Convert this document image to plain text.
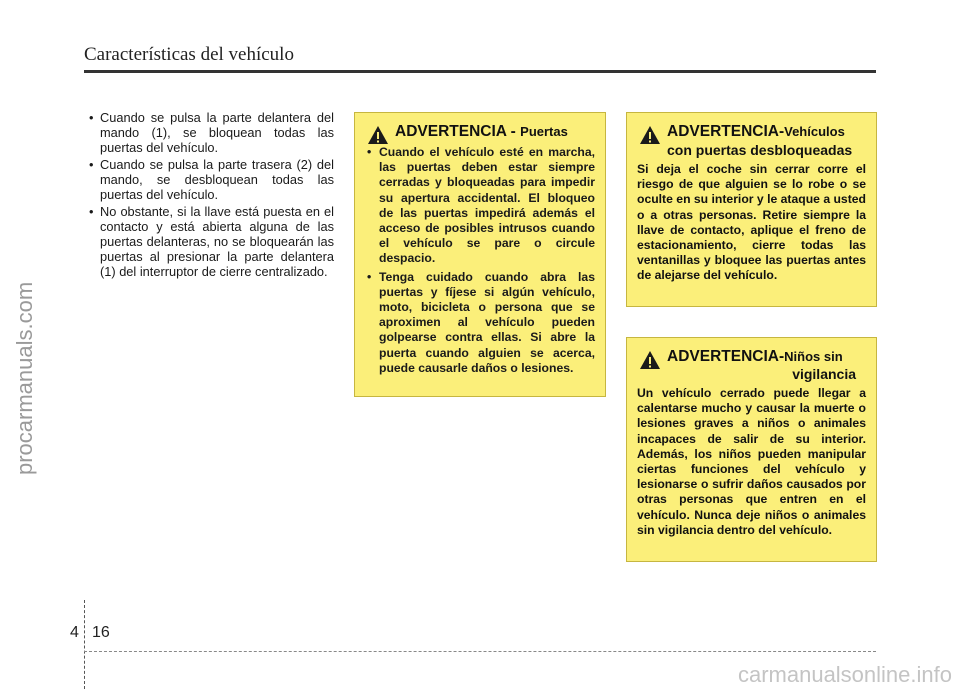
Características del vehículo
procarmanuals.com
• Cuando se pulsa la parte delantera del mando (1), se bloquean todas las puertas del vehículo.
• Cuando se pulsa la parte trasera (2) del mando, se desbloquean todas las puertas del vehículo.
• No obstante, si la llave está puesta en el contacto y está abierta alguna de las puertas delanteras, no se bloquearán las puertas al presionar la parte delantera (1) del interruptor de cierre centralizado.
ADVERTENCIA - Puertas
• Cuando el vehículo esté en marcha, las puertas deben estar siempre cerradas y bloqueadas para impedir su apertura accidental. El bloqueo de las puertas impedirá además el acceso de posibles intrusos cuando el vehículo se pare o circule despacio.
• Tenga cuidado cuando abra las puertas y fíjese si algún vehículo, moto, bicicleta o persona que se aproximen al vehículo pueden golpearse contra ellas. Si abre la puerta cuando alguien se acerca, puede causarle daños o lesiones.
ADVERTENCIA-Vehículos
con puertas desbloqueadas
Si deja el coche sin cerrar corre el riesgo de que alguien se lo robe o se oculte en su interior y le ataque a usted o a otras personas. Retire siempre la llave de contacto, aplique el freno de estacionamiento, cierre todas las ventanillas y bloquee las puertas antes de alejarse del vehículo.
ADVERTENCIA-Niños sin
vigilancia
Un vehículo cerrado puede llegar a calentarse mucho y causar la muerte o lesiones graves a niños o animales incapaces de salir de su interior. Además, los niños pueden manipular ciertas funciones del vehículo y lesionarse o sufrir daños causados por otras personas que entren en el vehículo. Nunca deje niños o animales sin vigilancia dentro del vehículo.
4 16
carmanualsonline.info
